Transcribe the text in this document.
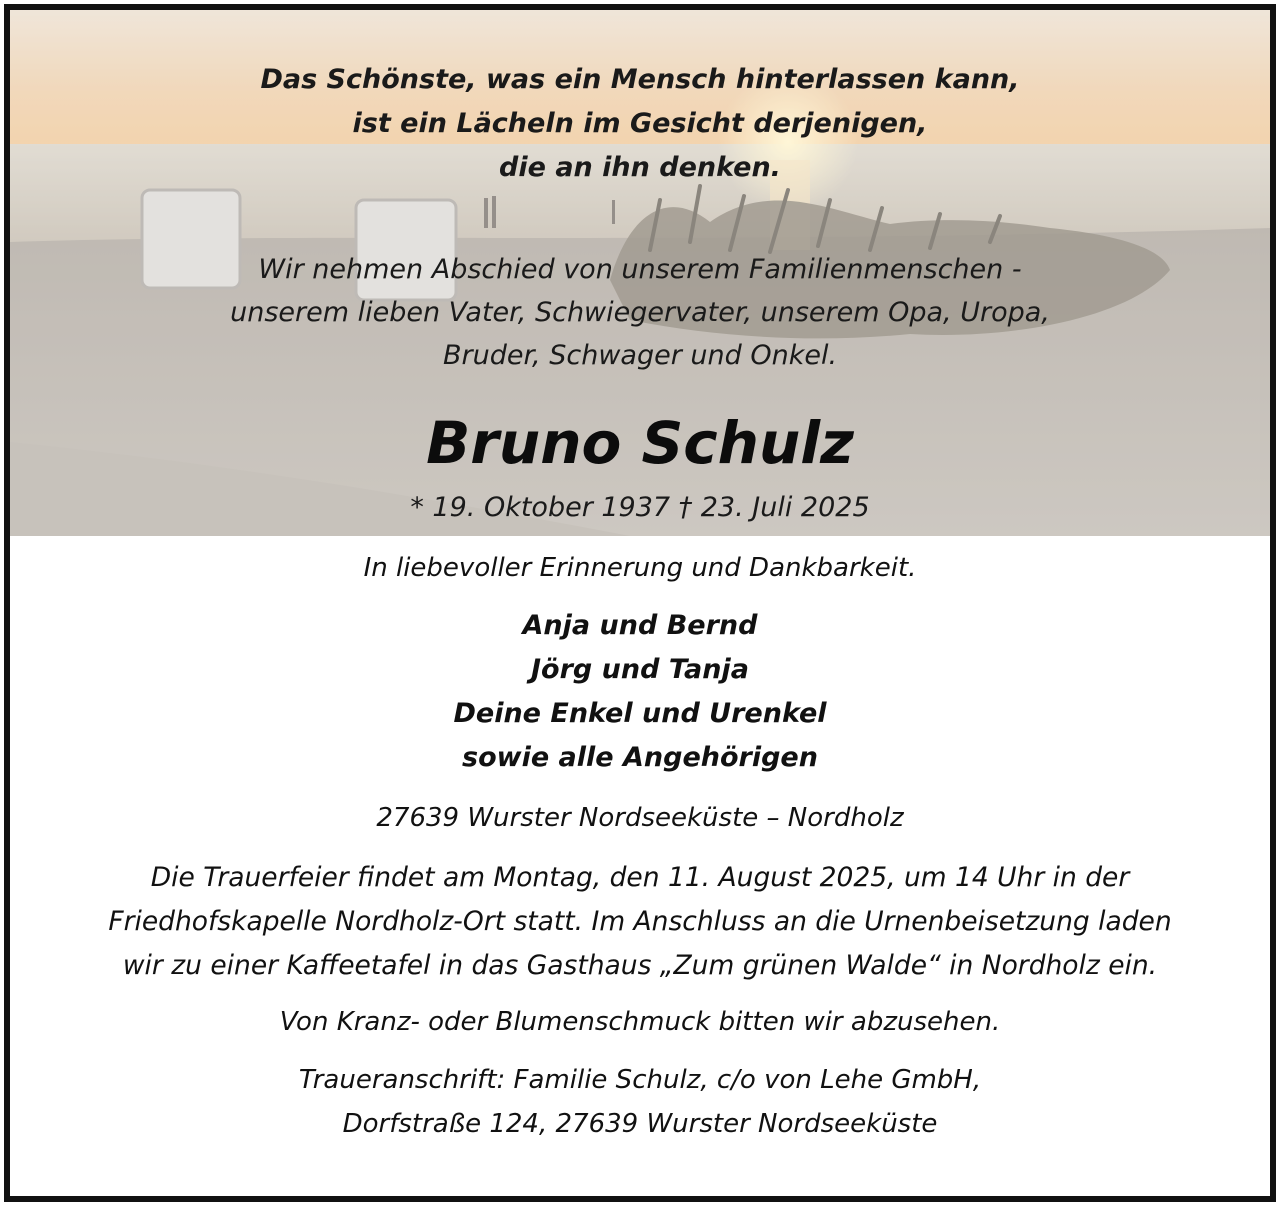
Das Schönste, was ein Mensch hinterlassen kann,
ist ein Lächeln im Gesicht derjenigen,
die an ihn denken.
Wir nehmen Abschied von unserem Familienmenschen -
unserem lieben Vater, Schwiegervater, unserem Opa, Uropa,
Bruder, Schwager und Onkel.
Bruno Schulz
* 19. Oktober 1937 † 23. Juli 2025
In liebevoller Erinnerung und Dankbarkeit.
Anja und Bernd
Jörg und Tanja
Deine Enkel und Urenkel
sowie alle Angehörigen
27639 Wurster Nordseeküste – Nordholz
Die Trauerfeier findet am Montag, den 11. August 2025, um 14 Uhr in der
Friedhofskapelle Nordholz-Ort statt. Im Anschluss an die Urnenbeisetzung laden
wir zu einer Kaffeetafel in das Gasthaus „Zum grünen Walde“ in Nordholz ein.
Von Kranz- oder Blumenschmuck bitten wir abzusehen.
Traueranschrift: Familie Schulz, c/o von Lehe GmbH,
Dorfstraße 124, 27639 Wurster Nordseeküste
